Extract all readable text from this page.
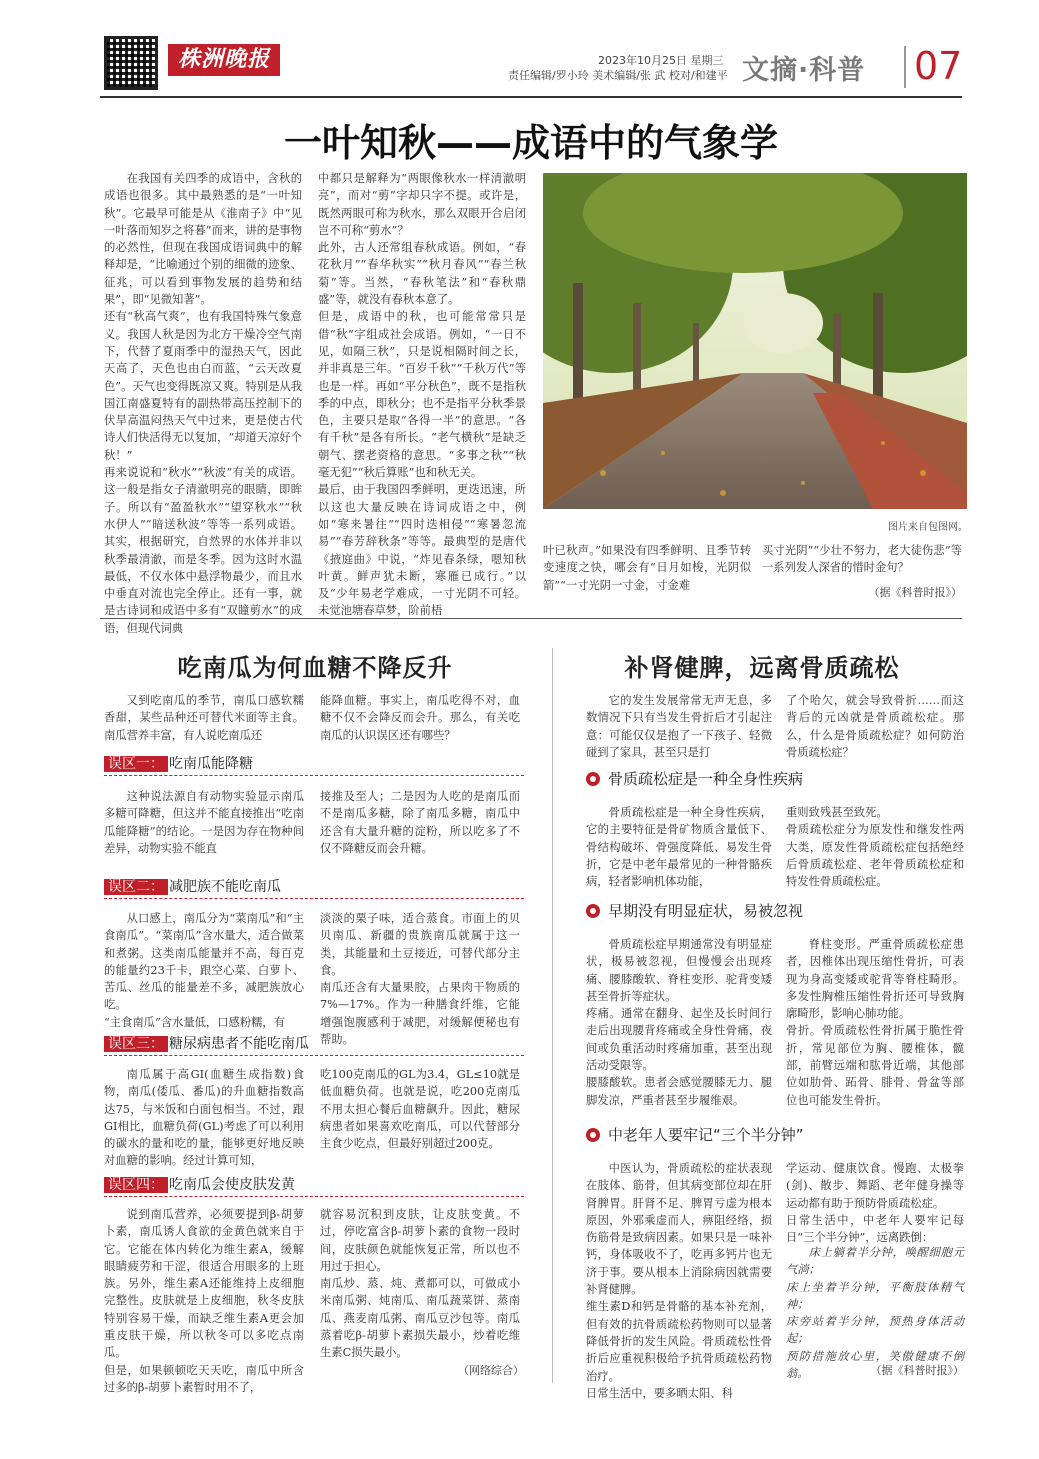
株洲晚报	2023年10月25日 星期三
责任编辑/罗小玲 美术编辑/张 武 校对/和建平 文摘·科普 07
一叶知秋——成语中的气象学
在我国有关四季的成语中，含秋的成语也很多。其中最熟悉的是“一叶知秋”。它最早可能是从《淮南子》中“见一叶落而知岁之将暮”而来，讲的是事物的必然性，但现在我国成语词典中的解释却是，“比喻通过个别的细微的迹象、征兆，可以看到事物发展的趋势和结果”，即“见微知著”。
还有“秋高气爽”，也有我国特殊气象意义。我国人秋是因为北方干燥冷空气南下，代替了夏雨季中的湿热天气，因此天高了，天色也由白而蓝，“云天改夏色”。天气也变得既凉又爽。特别是从我国江南盛夏特有的副热带高压控制下的伏旱高温闷热天气中过来，更是使古代诗人们快活得无以复加，“却道天凉好个秋！”
再来说说和“秋水”“秋波”有关的成语。这一般是指女子清澈明亮的眼睛，即眸子。所以有“盈盈秋水”“望穿秋水”“秋水伊人”“暗送秋波”等等一系列成语。其实，根据研究，自然界的水体并非以秋季最清澈，而是冬季。因为这时水温最低，不仅水体中悬浮物最少，而且水中垂直对流也完全停止。还有一事，就是古诗词和成语中多有“双瞳剪水”的成语，但现代词典
中都只是解释为“两眼像秋水一样清澈明亮”，而对“剪”字却只字不提。或许是，既然两眼可称为秋水，那么双眼开合启闭岂不可称“剪水”？
此外，古人还常组春秋成语。例如，“春花秋月”“春华秋实”“秋月春风”“春兰秋菊”等。当然，“春秋笔法”和“春秋鼎盛”等，就没有春秋本意了。
但是，成语中的秋，也可能常常只是借“秋”字组成社会成语。例如，“一日不见，如隔三秋”，只是说相隔时间之长，并非真是三年。“百岁千秋”“千秋万代”等也是一样。再如“平分秋色”，既不是指秋季的中点，即秋分；也不是指平分秋季景色，主要只是取“各得一半”的意思。“各有千秋”是各有所长。“老气横秋”是缺乏朝气、摆老资格的意思。“多事之秋”“秋毫无犯”“秋后算账”也和秋无关。
最后，由于我国四季鲜明，更迭迅速，所以这也大量反映在诗词成语之中，例如“寒来暑往”“四时迭相侵”“寒暑忽流易”“春芳辞秋条”等等。最典型的是唐代《掖庭曲》中说，“炸见春条绿，嗯知秋叶黄。鲜声犹未断，寒雁已成行。”以及“少年易老学难成，一寸光阴不可轻。未觉池塘春草梦，阶前梧
图片来自包图网。
叶已秋声。”如果没有四季鲜明、且季节转变速度之快，哪会有“日月如梭，光阴似箭”“一寸光阴一寸金，寸金难
买寸光阴”“少壮不努力，老大徒伤悲”等一系列发人深省的惜时金句？
（据《科普时报》）
吃南瓜为何血糖不降反升
又到吃南瓜的季节，南瓜口感软糯香甜，某些品种还可替代米面等主食。南瓜营养丰富，有人说吃南瓜还
能降血糖。事实上，南瓜吃得不对，血糖不仅不会降反而会升。那么，有关吃南瓜的认识误区还有哪些？
误区一： 吃南瓜能降糖
这种说法源自有动物实验显示南瓜多糖可降糖，但这并不能直接推出“吃南瓜能降糖”的结论。一是因为存在物种间差异，动物实验不能直
接推及至人；二是因为人吃的是南瓜而不是南瓜多糖，除了南瓜多糖，南瓜中还含有大量升糖的淀粉，所以吃多了不仅不降糖反而会升糖。
误区二： 减肥族不能吃南瓜
从口感上，南瓜分为“菜南瓜”和“主食南瓜”。“菜南瓜”含水量大，适合做菜和煮粥。这类南瓜能量并不高，每百克的能量约23千卡，跟空心菜、白萝卜、苦瓜、丝瓜的能量差不多，减肥族放心吃。
“主食南瓜”含水量低，口感粉糯，有
淡淡的栗子味，适合蒸食。市面上的贝贝南瓜、新疆的贵族南瓜就属于这一类，其能量和土豆接近，可替代部分主食。
南瓜还含有大量果胶，占果肉干物质的7%—17%。作为一种膳食纤维，它能增强饱腹感利于减肥，对缓解便秘也有帮助。
误区三： 糖尿病患者不能吃南瓜
南瓜属于高GI(血糖生成指数)食物，南瓜(倭瓜、番瓜)的升血糖指数高达75，与米饭和白面包相当。不过，跟GI相比，血糖负荷(GL)考虑了可以利用的碳水的量和吃的量，能够更好地反映对血糖的影响。经过计算可知，
吃100克南瓜的GL为3.4，GL≤10就是低血糖负荷。也就是说，吃200克南瓜不用太担心餐后血糖飙升。因此，糖尿病患者如果喜欢吃南瓜，可以代替部分主食少吃点，但最好别超过200克。
误区四： 吃南瓜会使皮肤发黄
说到南瓜营养，必须要提到β-胡萝卜素，南瓜诱人食欲的金黄色就来自于它。它能在体内转化为维生素A，缓解眼睛疲劳和干涩，很适合用眼多的上班族。另外，维生素A还能维持上皮细胞完整性。皮肤就是上皮细胞，秋冬皮肤特别容易干燥，而缺乏维生素A更会加重皮肤干燥，所以秋冬可以多吃点南瓜。
但是，如果顿顿吃天天吃，南瓜中所含过多的β-胡萝卜素暂时用不了，
就容易沉积到皮肤，让皮肤变黄。不过，停吃富含β-胡萝卜素的食物一段时间，皮肤颜色就能恢复正常，所以也不用过于担心。
南瓜炒、蒸、炖、煮都可以，可做成小米南瓜粥、炖南瓜、南瓜蔬菜饼、蒸南瓜、燕麦南瓜粥、南瓜豆沙包等。南瓜蒸着吃β-胡萝卜素损失最小，炒着吃维生素C损失最小。
（网络综合）
补肾健脾，远离骨质疏松
它的发生发展常常无声无息，多数情况下只有当发生骨折后才引起注意：可能仅仅是抱了一下孩子、轻微碰到了家具，甚至只是打
了个哈欠，就会导致骨折……而这背后的元凶就是骨质疏松症。那么，什么是骨质疏松症？如何防治骨质疏松症？
骨质疏松症是一种全身性疾病
骨质疏松症是一种全身性疾病，它的主要特征是骨矿物质含量低下、骨结构破坏、骨强度降低、易发生骨折，它是中老年最常见的一种骨骼疾病，轻者影响机体功能，
重则致残甚至致死。
骨质疏松症分为原发性和继发性两大类，原发性骨质疏松症包括绝经后骨质疏松症、老年骨质疏松症和特发性骨质疏松症。
早期没有明显症状，易被忽视
骨质疏松症早期通常没有明显症状，极易被忽视，但慢慢会出现疼痛、腰膝酸软、脊柱变形、驼背变矮甚至骨折等症状。
疼痛。通常在翻身、起坐及长时间行走后出现腰背疼痛或全身性骨痛，夜间或负重活动时疼痛加重，甚至出现活动受限等。
腰膝酸软。患者会感觉腰膝无力、腿脚发凉，严重者甚至步履维艰。
脊柱变形。严重骨质疏松症患者，因椎体出现压缩性骨折，可表现为身高变矮或驼背等脊柱畸形。多发性胸椎压缩性骨折还可导致胸廓畸形，影响心肺功能。
骨折。骨质疏松性骨折属于脆性骨折，常见部位为胸、腰椎体，髋部，前臂远端和肱骨近端，其他部位如肋骨、跖骨、腓骨、骨盆等部位也可能发生骨折。
中老年人要牢记“三个半分钟”
中医认为，骨质疏松的症状表现在肢体、筋骨，但其病变部位却在肝肾脾胃。肝肾不足、脾胃亏虚为根本原因，外邪乘虚而人，痹阻经络，损伤筋骨是致病因素。如果只是一味补钙，身体吸收不了，吃再多钙片也无济于事。要从根本上消除病因就需要补肾健脾。
维生素D和钙是骨骼的基本补充剂，但有效的抗骨质疏松药物则可以显著降低骨折的发生风险。骨质疏松性骨折后应重视积极给予抗骨质疏松药物治疗。
日常生活中，要多晒太阳、科
学运动、健康饮食。慢跑、太极拳(剑)、散步、舞蹈、老年健身操等运动都有助于预防骨质疏松症。
日常生活中，中老年人要牢记每日“三个半分钟”，远离跌倒：
床上躺着半分钟，唤醒细胞元气淌；
床上坐着半分钟，平衡肢体精气神；
床旁站着半分钟，预热身体活动起；
预防措施放心里，笑傲健康不倒翁。	（据《科普时报》）
